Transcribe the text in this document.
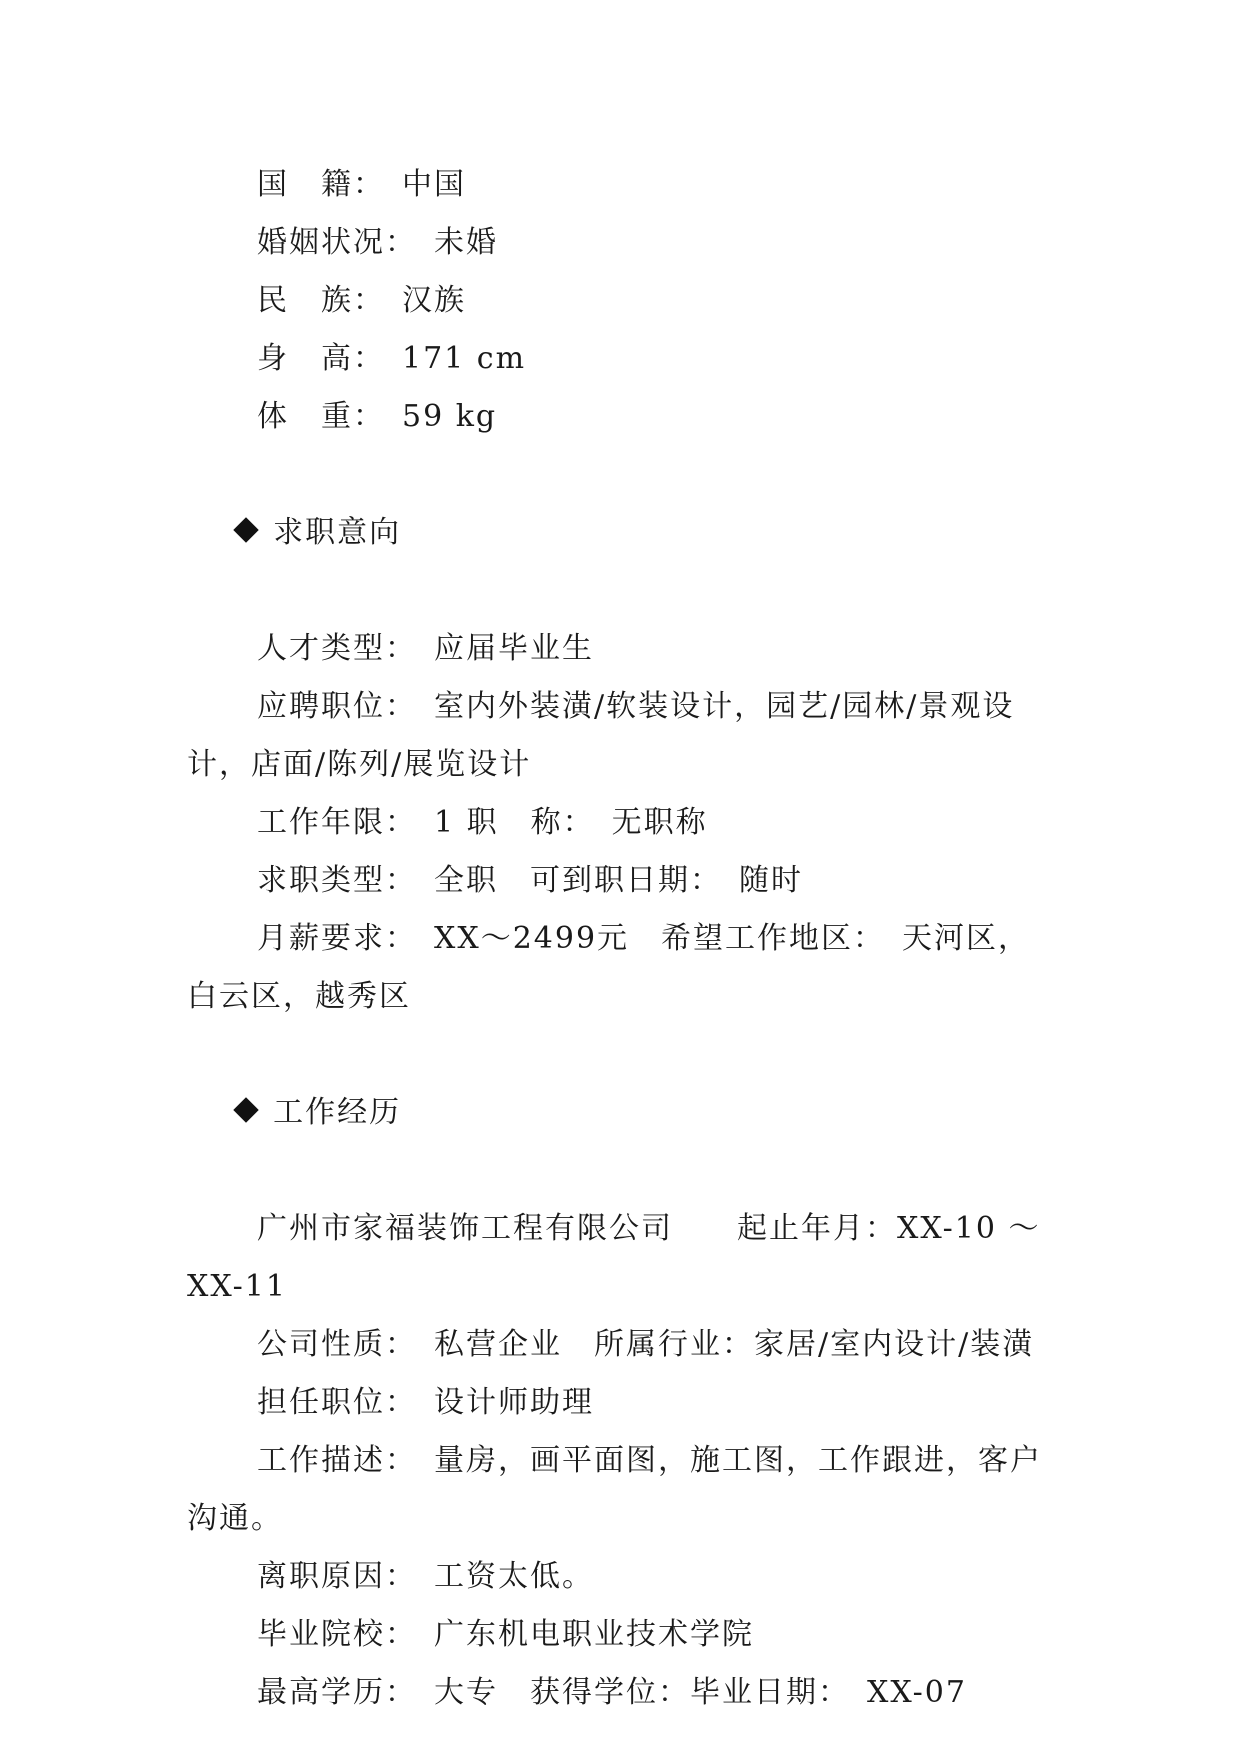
国　籍：　中国

婚姻状况：　未婚

民　族：　汉族

身　高：　171 cm

体　重：　59 kg

求职意向

人才类型：　应届毕业生

应聘职位：　室内外装潢/软装设计，园艺/园林/景观设计，店面/陈列/展览设计

工作年限：　1 职　称：　无职称

求职类型：　全职　可到职日期：　随时

月薪要求：　XX～2499元　希望工作地区：　天河区，白云区，越秀区

工作经历

广州市家福装饰工程有限公司　　起止年月：XX-10 ～ XX-11

公司性质：　私营企业　所属行业：家居/室内设计/装潢

担任职位：　设计师助理

工作描述：　量房，画平面图，施工图，工作跟进，客户沟通。

离职原因：　工资太低。

毕业院校：　广东机电职业技术学院

最高学历：　大专　获得学位：毕业日期：　XX-07
